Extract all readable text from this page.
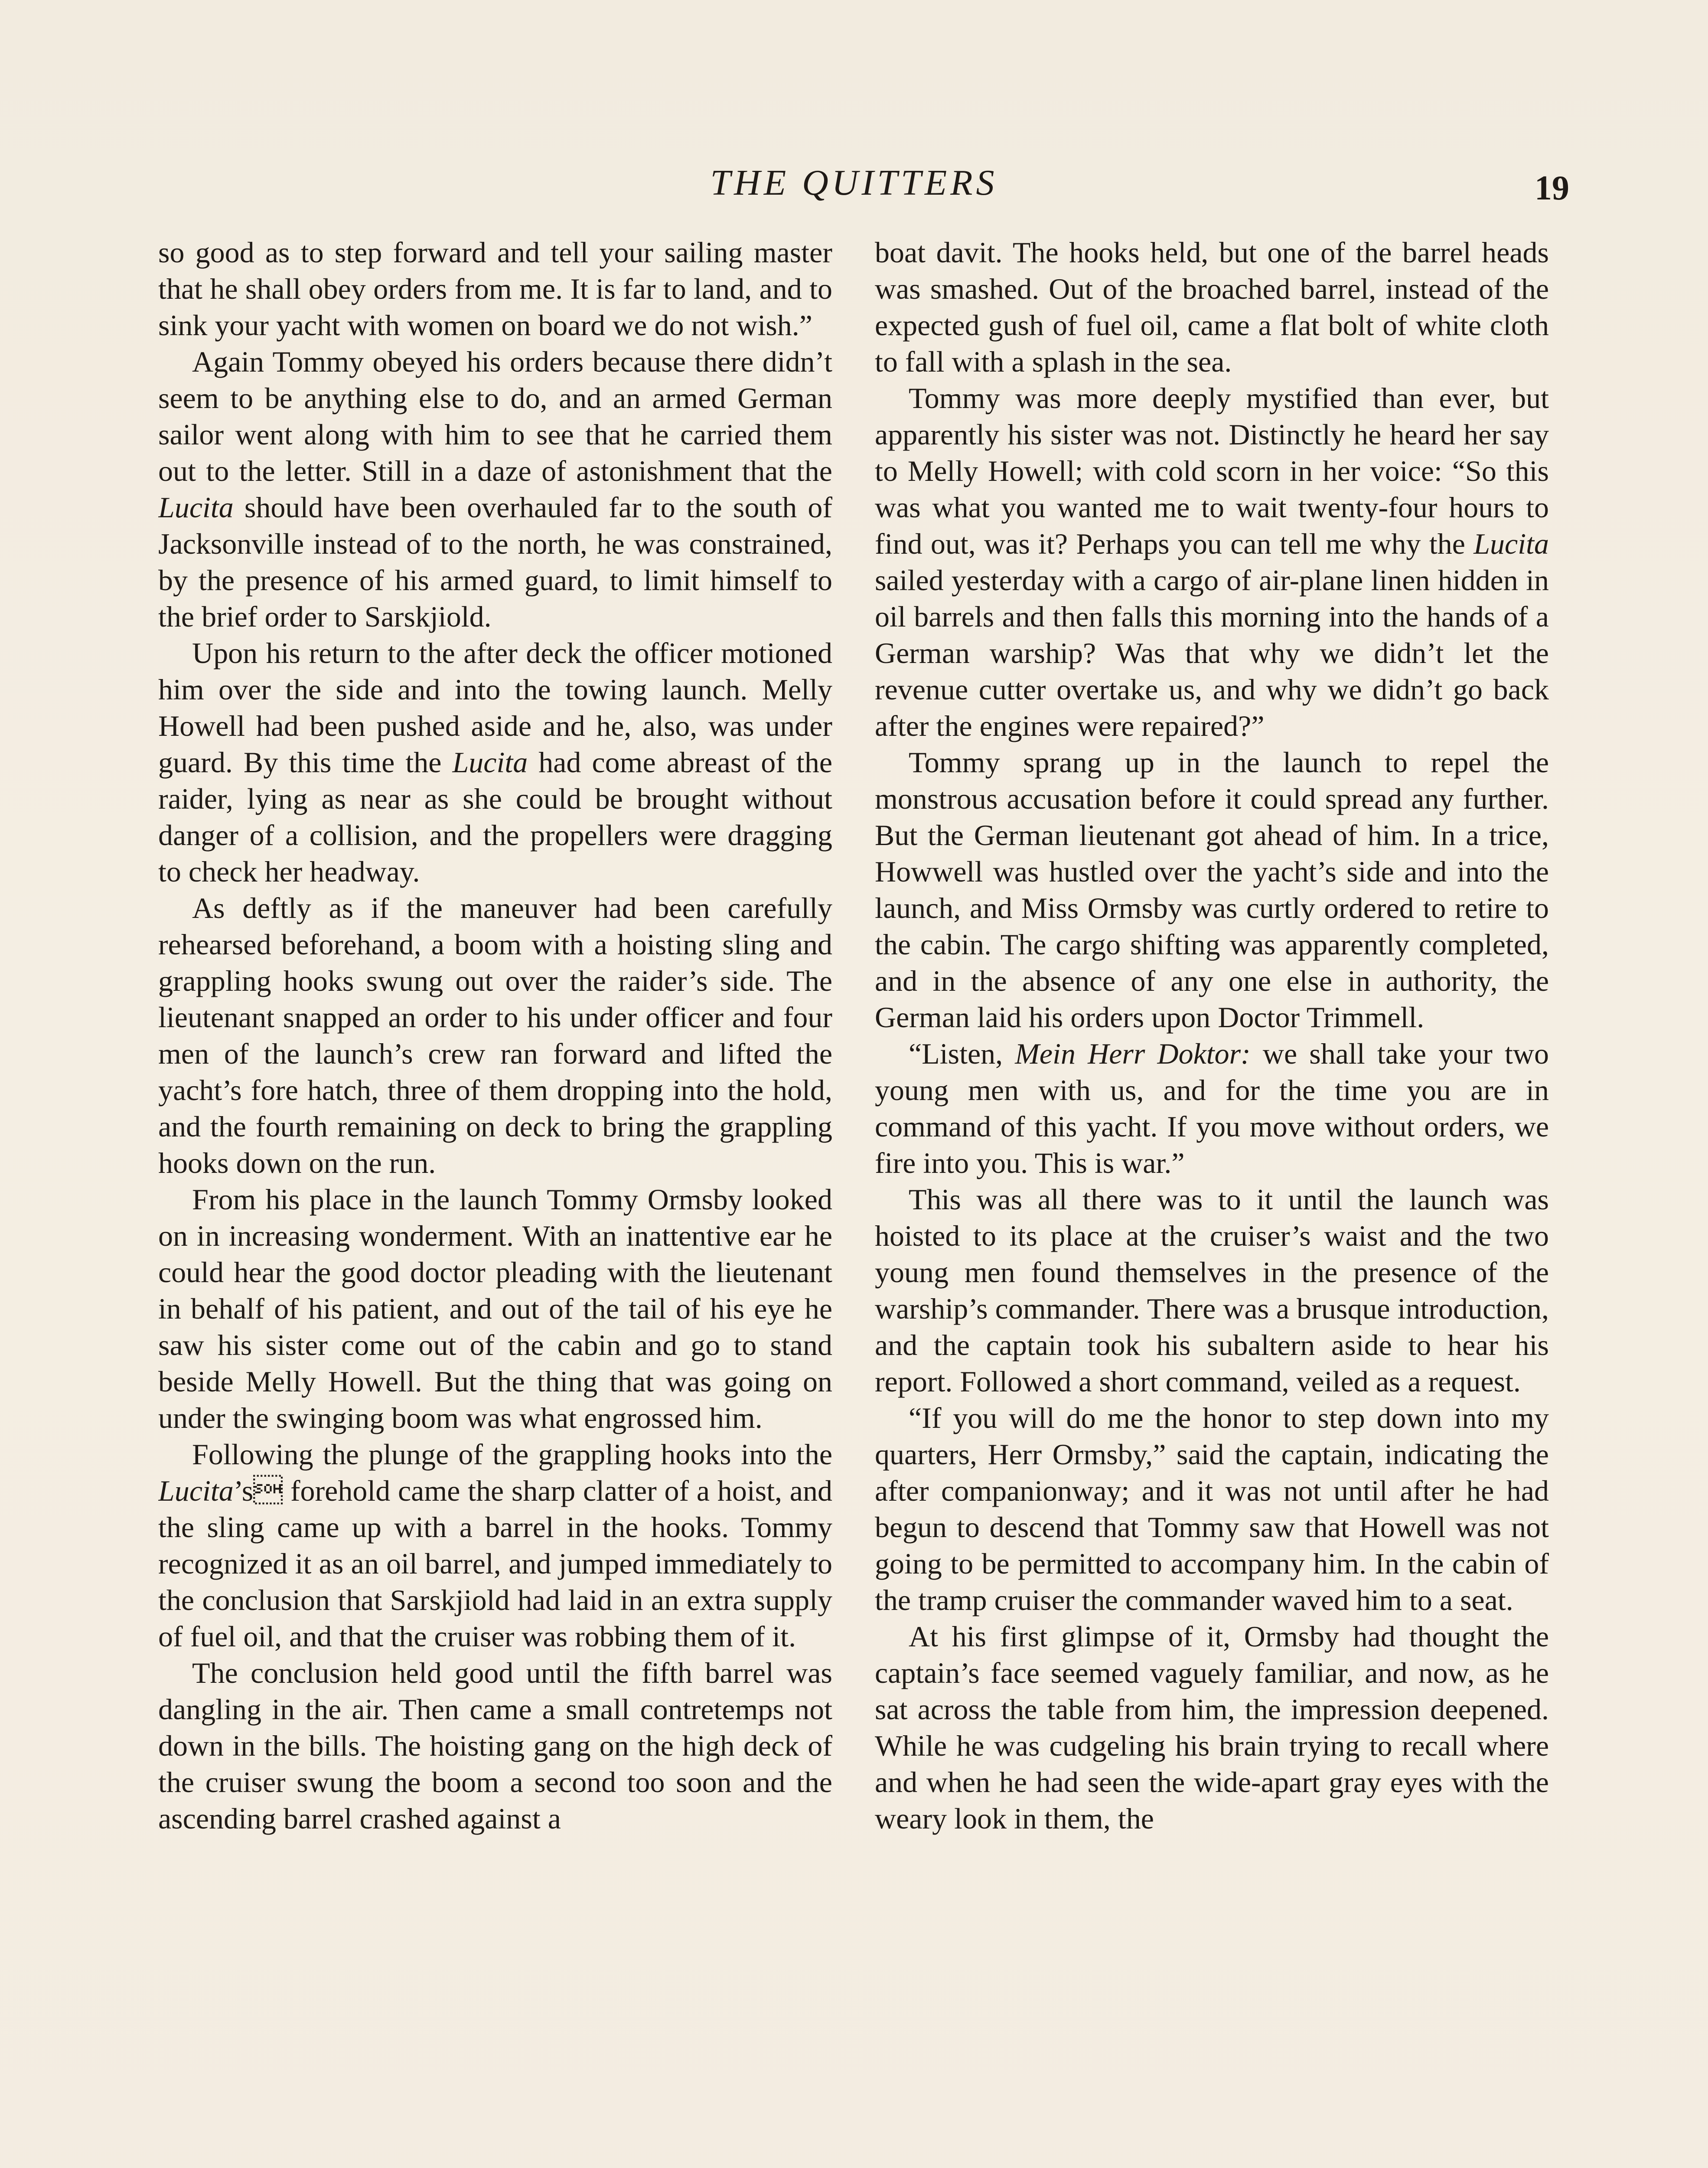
THE QUITTERS	19

so good as to step forward and tell your sailing master that he shall obey orders from me. It is far to land, and to sink your yacht with women on board we do not wish.”

Again Tommy obeyed his orders because there didn’t seem to be anything else to do, and an armed German sailor went along with him to see that he carried them out to the letter. Still in a daze of astonishment that the Lucita should have been overhauled far to the south of Jacksonville instead of to the north, he was constrained, by the presence of his armed guard, to limit himself to the brief order to Sarskjiold.

Upon his return to the after deck the officer motioned him over the side and into the towing launch. Melly Howell had been pushed aside and he, also, was under guard. By this time the Lucita had come abreast of the raider, lying as near as she could be brought without danger of a collision, and the propellers were dragging to check her headway.

As deftly as if the maneuver had been carefully rehearsed beforehand, a boom with a hoisting sling and grappling hooks swung out over the raider’s side. The lieutenant snapped an order to his under officer and four men of the launch’s crew ran forward and lifted the yacht’s fore hatch, three of them dropping into the hold, and the fourth remaining on deck to bring the grappling hooks down on the run.

From his place in the launch Tommy Ormsby looked on in increasing wonderment. With an inattentive ear he could hear the good doctor pleading with the lieutenant in behalf of his patient, and out of the tail of his eye he saw his sister come out of the cabin and go to stand beside Melly Howell. But the thing that was going on under the swinging boom was what engrossed him.

Following the plunge of the grappling hooks into the Lucita’s forehold came the sharp clatter of a hoist, and the sling came up with a barrel in the hooks. Tommy recognized it as an oil barrel, and jumped immediately to the conclusion that Sarskjiold had laid in an extra supply of fuel oil, and that the cruiser was robbing them of it.

The conclusion held good until the fifth barrel was dangling in the air. Then came a small contretemps not down in the bills. The hoisting gang on the high deck of the cruiser swung the boom a second too soon and the ascending barrel crashed against a

boat davit. The hooks held, but one of the barrel heads was smashed. Out of the broached barrel, instead of the expected gush of fuel oil, came a flat bolt of white cloth to fall with a splash in the sea.

Tommy was more deeply mystified than ever, but apparently his sister was not. Distinctly he heard her say to Melly Howell; with cold scorn in her voice: “So this was what you wanted me to wait twenty-four hours to find out, was it? Perhaps you can tell me why the Lucita sailed yesterday with a cargo of air-plane linen hidden in oil barrels and then falls this morning into the hands of a German warship? Was that why we didn’t let the revenue cutter overtake us, and why we didn’t go back after the engines were repaired?”

Tommy sprang up in the launch to repel the monstrous accusation before it could spread any further. But the German lieutenant got ahead of him. In a trice, Howwell was hustled over the yacht’s side and into the launch, and Miss Ormsby was curtly ordered to retire to the cabin. The cargo shifting was apparently completed, and in the absence of any one else in authority, the German laid his orders upon Doctor Trimmell.

“Listen, Mein Herr Doktor: we shall take your two young men with us, and for the time you are in command of this yacht. If you move without orders, we fire into you. This is war.”

This was all there was to it until the launch was hoisted to its place at the cruiser’s waist and the two young men found themselves in the presence of the warship’s commander. There was a brusque introduction, and the captain took his subaltern aside to hear his report. Followed a short command, veiled as a request.

“If you will do me the honor to step down into my quarters, Herr Ormsby,” said the captain, indicating the after companionway; and it was not until after he had begun to descend that Tommy saw that Howell was not going to be permitted to accompany him. In the cabin of the tramp cruiser the commander waved him to a seat.

At his first glimpse of it, Ormsby had thought the captain’s face seemed vaguely familiar, and now, as he sat across the table from him, the impression deepened. While he was cudgeling his brain trying to recall where and when he had seen the wide-apart gray eyes with the weary look in them, the
